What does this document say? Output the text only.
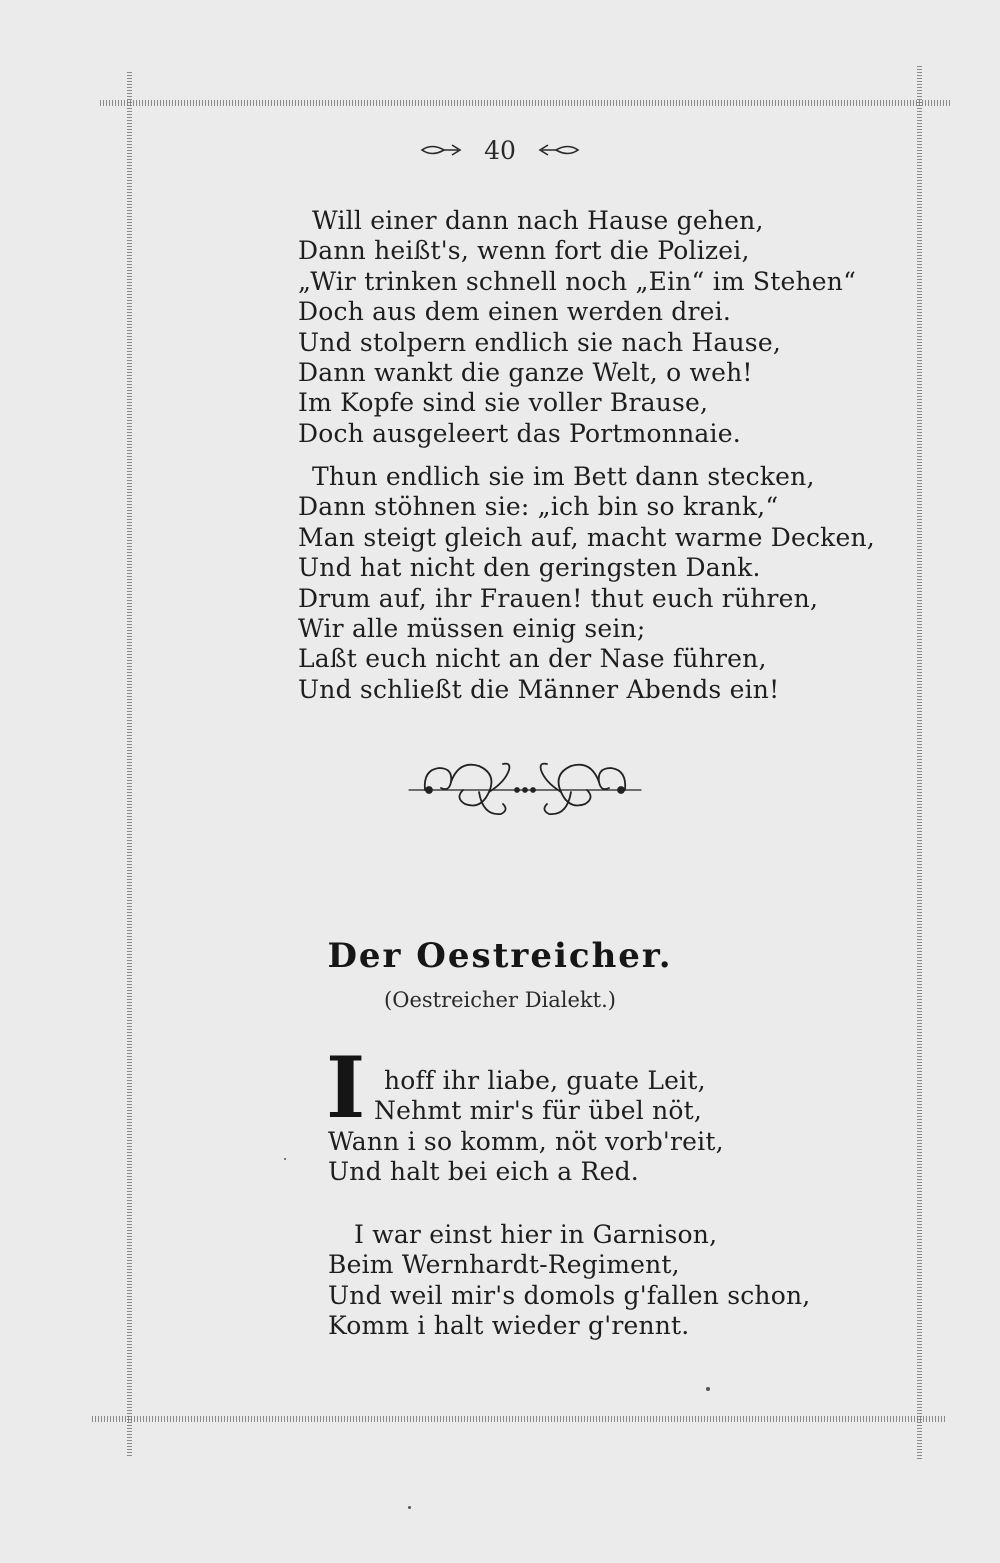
40
Will einer dann nach Hause gehen,
Dann heißt's, wenn fort die Polizei,
„Wir trinken schnell noch „Ein“ im Stehen“
Doch aus dem einen werden drei.
Und stolpern endlich sie nach Hause,
Dann wankt die ganze Welt, o weh!
Im Kopfe sind sie voller Brause,
Doch ausgeleert das Portmonnaie.
Thun endlich sie im Bett dann stecken,
Dann stöhnen sie: „ich bin so krank,“
Man steigt gleich auf, macht warme Decken,
Und hat nicht den geringsten Dank.
Drum auf, ihr Frauen! thut euch rühren,
Wir alle müssen einig sein;
Laßt euch nicht an der Nase führen,
Und schließt die Männer Abends ein!
Der Oestreicher.
(Oestreicher Dialekt.)
I hoff ihr liabe, guate Leit,
Nehmt mir's für übel nöt,
Wann i so komm, nöt vorb'reit,
Und halt bei eich a Red.
I war einst hier in Garnison,
Beim Wernhardt-Regiment,
Und weil mir's domols g'fallen schon,
Komm i halt wieder g'rennt.
